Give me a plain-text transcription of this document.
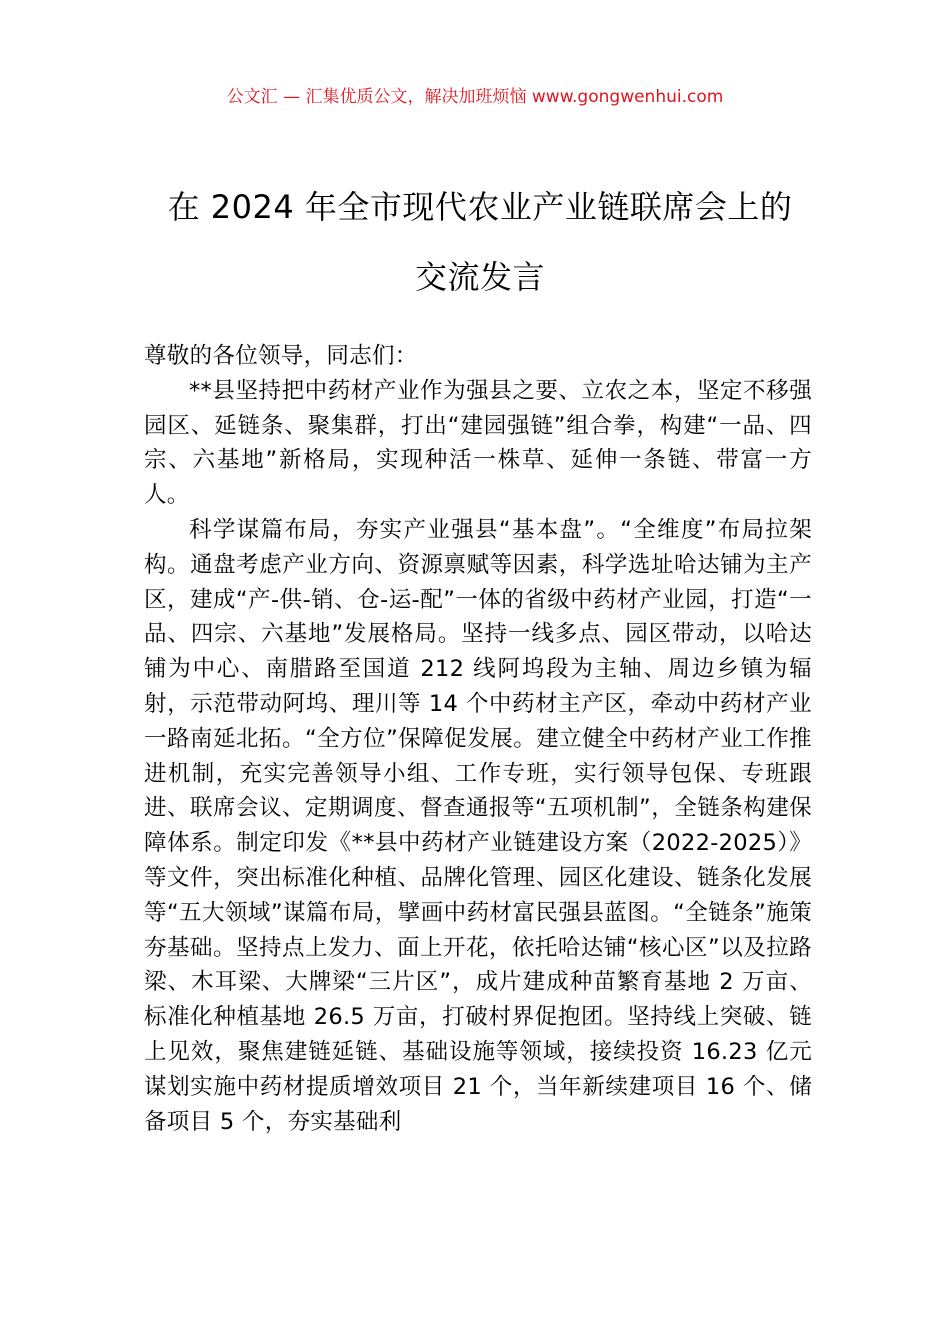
公文汇 — 汇集优质公文，解决加班烦恼 www.gongwenhui.com
在 2024 年全市现代农业产业链联席会上的
交流发言

尊敬的各位领导，同志们：

**县坚持把中药材产业作为强县之要、立农之本，坚定不移强园区、延链条、聚集群，打出“建园强链”组合拳，构建“一品、四宗、六基地”新格局，实现种活一株草、延伸一条链、带富一方人。

科学谋篇布局，夯实产业强县“基本盘”。“全维度”布局拉架构。通盘考虑产业方向、资源禀赋等因素，科学选址哈达铺为主产区，建成“产-供-销、仓-运-配”一体的省级中药材产业园，打造“一品、四宗、六基地”发展格局。坚持一线多点、园区带动，以哈达铺为中心、南腊路至国道 212 线阿坞段为主轴、周边乡镇为辐射，示范带动阿坞、理川等 14 个中药材主产区，牵动中药材产业一路南延北拓。“全方位”保障促发展。建立健全中药材产业工作推进机制，充实完善领导小组、工作专班，实行领导包保、专班跟进、联席会议、定期调度、督查通报等“五项机制”，全链条构建保障体系。制定印发《**县中药材产业链建设方案（2022-2025）》等文件，突出标准化种植、品牌化管理、园区化建设、链条化发展等“五大领域”谋篇布局，擘画中药材富民强县蓝图。“全链条”施策夯基础。坚持点上发力、面上开花，依托哈达铺“核心区”以及拉路梁、木耳梁、大牌梁“三片区”，成片建成种苗繁育基地 2 万亩、标准化种植基地 26.5 万亩，打破村界促抱团。坚持线上突破、链上见效，聚焦建链延链、基础设施等领域，接续投资 16.23 亿元谋划实施中药材提质增效项目 21 个，当年新续建项目 16 个、储备项目 5 个，夯实基础利
